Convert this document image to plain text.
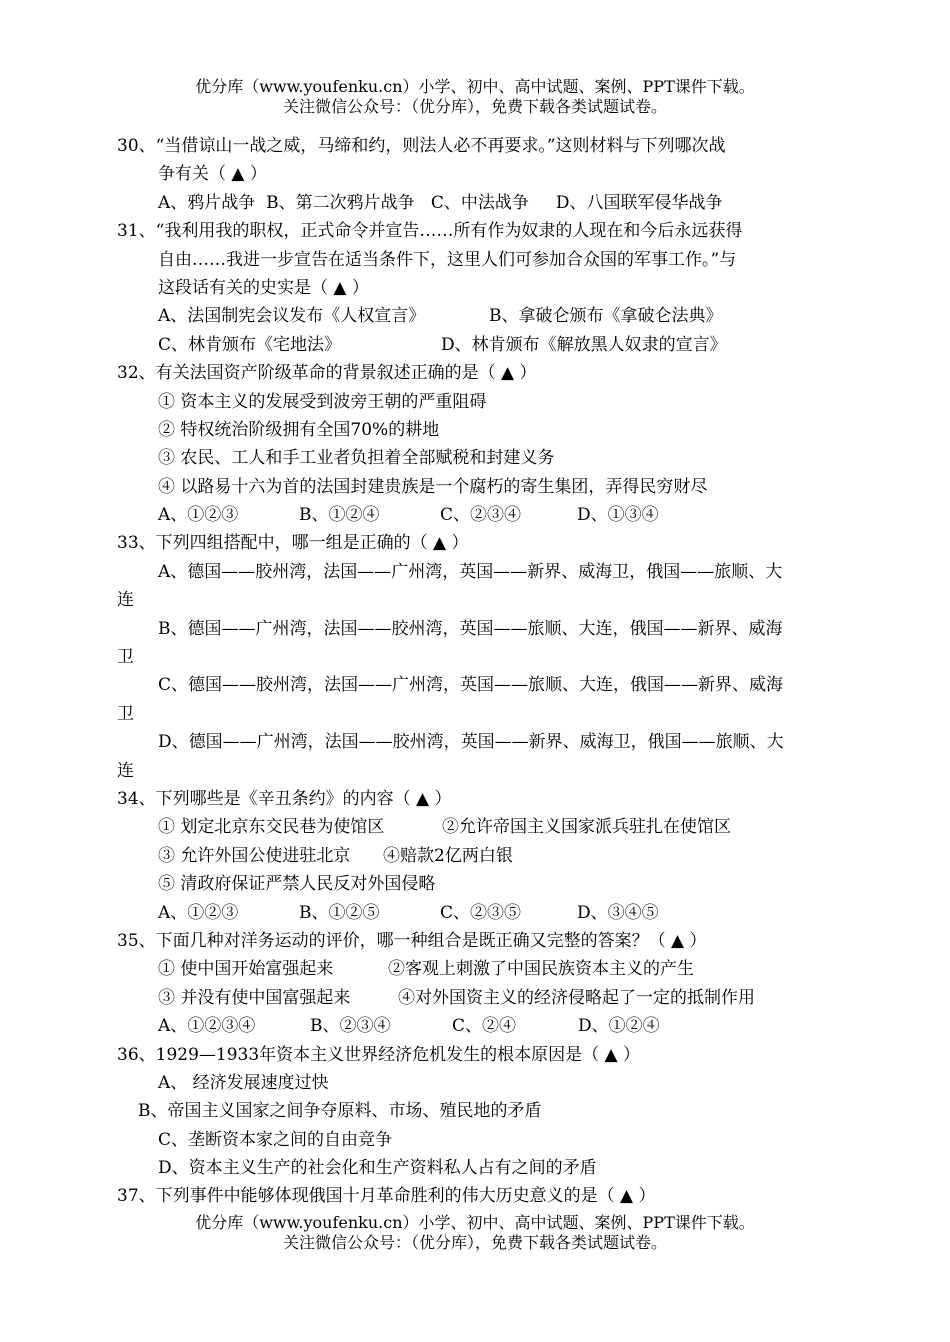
优分库（www.youfenku.cn）小学、初中、高中试题、案例、PPT课件下载。
关注微信公众号：（优分库），免费下载各类试题试卷。
30、“当借谅山一战之威，马缔和约，则法人必不再要求。”这则材料与下列哪次战
争有关（ ▲ ）
A、鸦片战争 B、第二次鸦片战争 C、中法战争 D、八国联军侵华战争
31、“我利用我的职权，正式命令并宣告……所有作为奴隶的人现在和今后永远获得
自由……我进一步宣告在适当条件下，这里人们可参加合众国的军事工作。”与
这段话有关的史实是（ ▲ ）
A、法国制宪会议发布《人权宣言》	B、拿破仑颁布《拿破仑法典》
C、林肯颁布《宅地法》	D、林肯颁布《解放黑人奴隶的宣言》
32、有关法国资产阶级革命的背景叙述正确的是（ ▲ ）
① 资本主义的发展受到波旁王朝的严重阻碍
② 特权统治阶级拥有全国70%的耕地
③ 农民、工人和手工业者负担着全部赋税和封建义务
④ 以路易十六为首的法国封建贵族是一个腐朽的寄生集团，弄得民穷财尽
A、①②③	B、①②④	C、②③④	D、①③④
33、下列四组搭配中，哪一组是正确的（ ▲ ）
A、德国——胶州湾，法国——广州湾，英国——新界、威海卫，俄国——旅顺、大
连
B、德国——广州湾，法国——胶州湾，英国——旅顺、大连，俄国——新界、威海
卫
C、德国——胶州湾，法国——广州湾，英国——旅顺、大连，俄国——新界、威海
卫
D、德国——广州湾，法国——胶州湾，英国——新界、威海卫，俄国——旅顺、大
连
34、下列哪些是《辛丑条约》的内容（ ▲ ）
① 划定北京东交民巷为使馆区	②允许帝国主义国家派兵驻扎在使馆区
③ 允许外国公使进驻北京 ④赔款2亿两白银
⑤ 清政府保证严禁人民反对外国侵略
A、①②③	B、①②⑤	C、②③⑤	D、③④⑤
35、下面几种对洋务运动的评价，哪一种组合是既正确又完整的答案？（ ▲ ）
① 使中国开始富强起来	②客观上刺激了中国民族资本主义的产生
③ 并没有使中国富强起来	④对外国资主义的经济侵略起了一定的抵制作用
A、①②③④	B、②③④	C、②④	D、①②④
36、1929—1933年资本主义世界经济危机发生的根本原因是（ ▲ ）
A、 经济发展速度过快
B、帝国主义国家之间争夺原料、市场、殖民地的矛盾
C、垄断资本家之间的自由竞争
D、资本主义生产的社会化和生产资料私人占有之间的矛盾
37、下列事件中能够体现俄国十月革命胜利的伟大历史意义的是（ ▲ ）
优分库（www.youfenku.cn）小学、初中、高中试题、案例、PPT课件下载。
关注微信公众号：（优分库），免费下载各类试题试卷。
